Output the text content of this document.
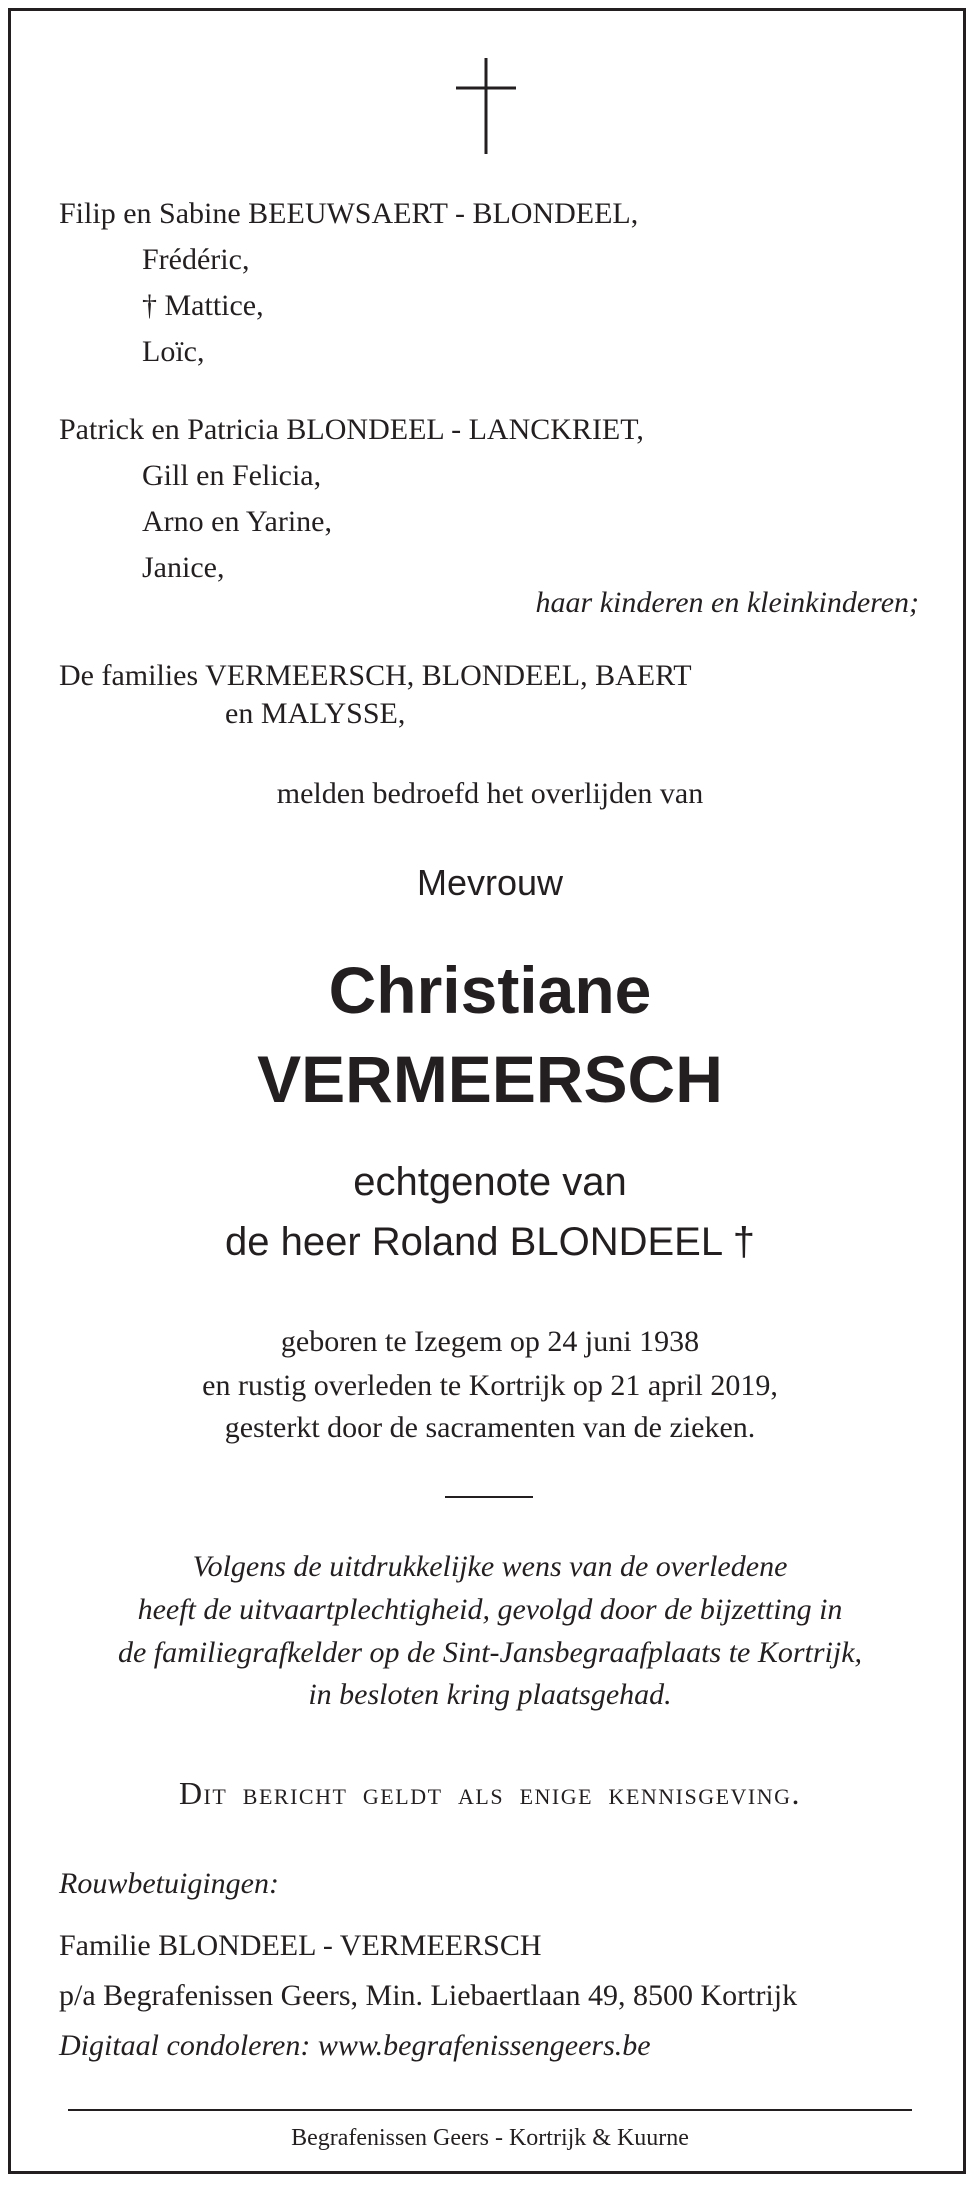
Filip en Sabine BEEUWSAERT - BLONDEEL,
Frédéric,
† Mattice,
Loïc,
Patrick en Patricia BLONDEEL - LANCKRIET,
Gill en Felicia,
Arno en Yarine,
Janice,
haar kinderen en kleinkinderen;
De families VERMEERSCH, BLONDEEL, BAERT
en MALYSSE,
melden bedroefd het overlijden van
Mevrouw
Christiane
VERMEERSCH
echtgenote van
de heer Roland BLONDEEL †
geboren te Izegem op 24 juni 1938
en rustig overleden te Kortrijk op 21 april 2019,
gesterkt door de sacramenten van de zieken.
Volgens de uitdrukkelijke wens van de overledene
heeft de uitvaartplechtigheid, gevolgd door de bijzetting in
de familiegrafkelder op de Sint-Jansbegraafplaats te Kortrijk,
in besloten kring plaatsgehad.
Dit bericht geldt als enige kennisgeving.
Rouwbetuigingen:
Familie BLONDEEL - VERMEERSCH
p/a Begrafenissen Geers, Min. Liebaertlaan 49, 8500 Kortrijk
Digitaal condoleren: www.begrafenissengeers.be
Begrafenissen Geers - Kortrijk & Kuurne
